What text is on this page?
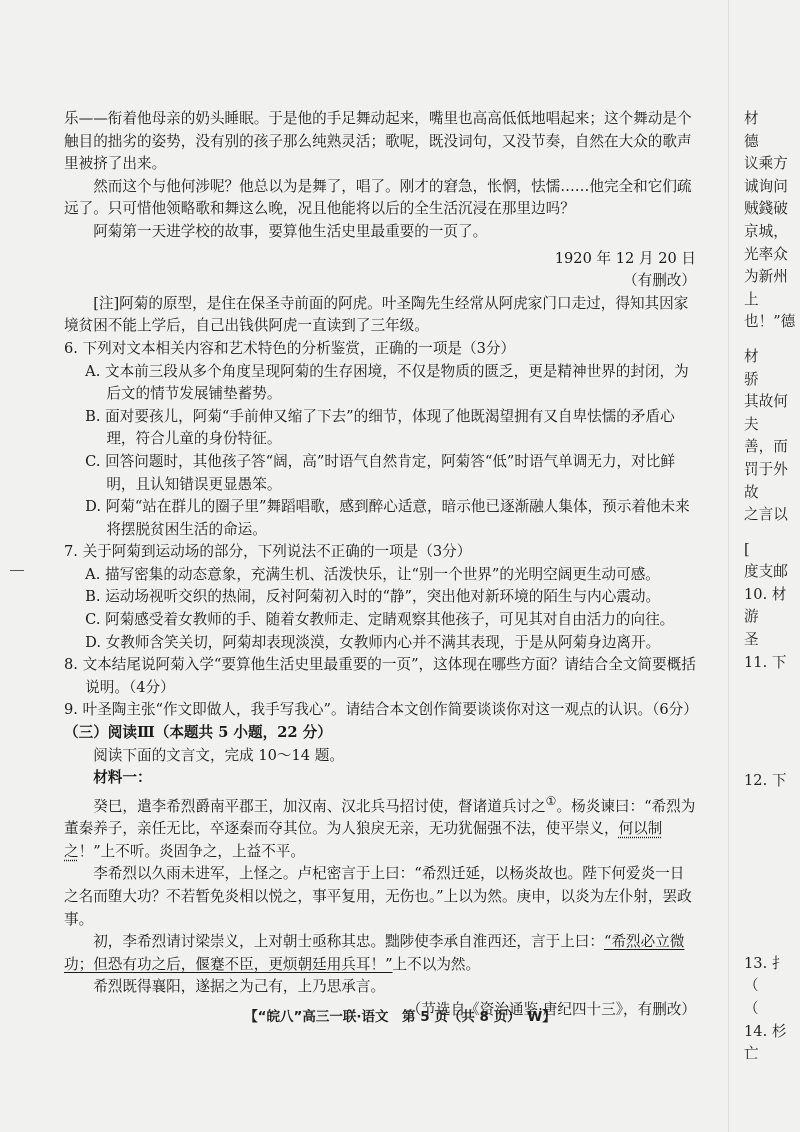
乐——衔着他母亲的奶头睡眠。于是他的手足舞动起来，嘴里也高高低低地唱起来；这个舞动是个触目的拙劣的姿势，没有别的孩子那么纯熟灵活；歌呢，既没词句，又没节奏，自然在大众的歌声里被挤了出来。

然而这个与他何涉呢？他总以为是舞了，唱了。刚才的窘急，怅惘，怯懦……他完全和它们疏远了。只可惜他领略歌和舞这么晚，况且他能将以后的全生活沉浸在那里边吗？

阿菊第一天进学校的故事，要算他生活史里最重要的一页了。

1920 年 12 月 20 日

（有删改）

[注]阿菊的原型，是住在保圣寺前面的阿虎。叶圣陶先生经常从阿虎家门口走过，得知其因家境贫困不能上学后，自己出钱供阿虎一直读到了三年级。

6. 下列对文本相关内容和艺术特色的分析鉴赏，正确的一项是（3分）

A. 文本前三段从多个角度呈现阿菊的生存困境，不仅是物质的匮乏，更是精神世界的封闭，为后文的情节发展铺垫蓄势。

B. 面对要孩儿，阿菊“手前伸又缩了下去”的细节，体现了他既渴望拥有又自卑怯懦的矛盾心理，符合儿童的身份特征。

C. 回答问题时，其他孩子答“阔，高”时语气自然肯定，阿菊答“低”时语气单调无力，对比鲜明，且认知错误更显愚笨。

D. 阿菊“站在群儿的圈子里”舞蹈唱歌，感到醉心适意，暗示他已逐渐融人集体，预示着他未来将摆脱贫困生活的命运。

7. 关于阿菊到运动场的部分，下列说法不正确的一项是（3分）

A. 描写密集的动态意象，充满生机、活泼快乐，让“别一个世界”的光明空阔更生动可感。

B. 运动场视听交织的热闹，反衬阿菊初入时的“静”，突出他对新环境的陌生与内心震动。

C. 阿菊感受着女教师的手、随着女教师走、定睛观察其他孩子，可见其对自由活力的向往。

D. 女教师含笑关切，阿菊却表现淡漠，女教师内心并不满其表现，于是从阿菊身边离开。

8. 文本结尾说阿菊入学“要算他生活史里最重要的一页”，这体现在哪些方面？请结合全文简要概括说明。（4分）

9. 叶圣陶主张“作文即做人，我手写我心”。请结合本文创作简要谈谈你对这一观点的认识。（6分）

（三）阅读Ⅲ（本题共 5 小题，22 分）

阅读下面的文言文，完成 10～14 题。

材料一：

癸巳，遣李希烈爵南平郡王，加汉南、汉北兵马招讨使，督诸道兵讨之①。杨炎谏曰：“希烈为董秦养子，亲任无比，卒逐秦而夺其位。为人狼戾无亲，无功犹倔强不法，使平崇义，何以制之！”上不听。炎固争之，上益不平。

李希烈以久雨未进军，上怪之。卢杞密言于上曰：“希烈迁延，以杨炎故也。陛下何爱炎一日之名而堕大功？不若暂免炎相以悦之，事平复用，无伤也。”上以为然。庚申，以炎为左仆射，罢政事。

初，李希烈请讨梁崇义，上对朝士亟称其忠。黜陟使李承自淮西还，言于上曰：“希烈必立微功；但恐有功之后，偃蹇不臣，更烦朝廷用兵耳！”上不以为然。

希烈既得襄阳，遂据之为己有，上乃思承言。

（节选自《资治通鉴·唐纪四十三》，有删改）

【“皖八”高三一联·语文　第 5 页（共 8 页）　W】
材
德
议乘方
诚询问
贼錢破
京城，
光率众
为新州
上
也！”德
材
骄
其故何
夫
善，而
罚于外
故
之言以
[
度支邮
10. 材
游
圣
11. 下
12. 下
13. 扌
（
（
14. 杉
亡
